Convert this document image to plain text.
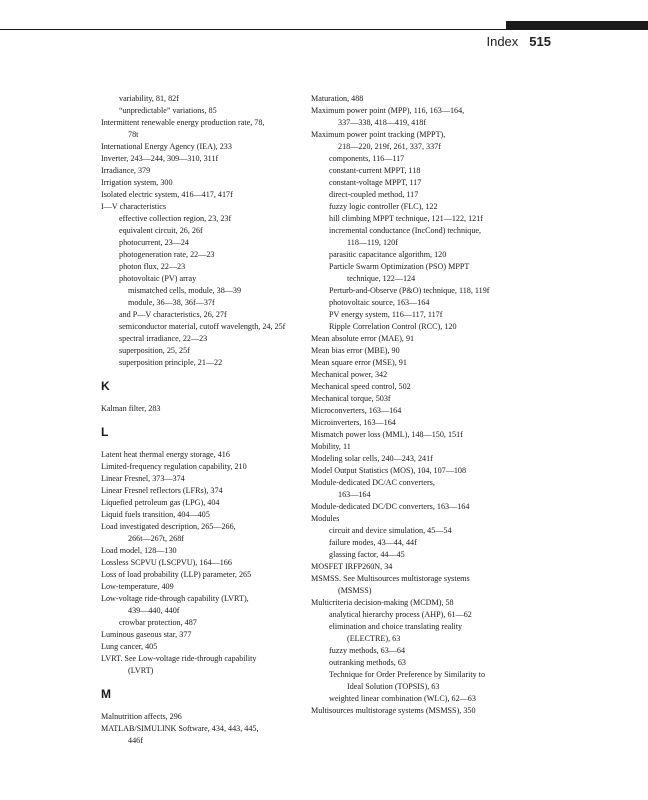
Index 515
variability, 81, 82f
“unpredictable” variations, 85
Intermittent renewable energy production rate, 78,
78t
International Energy Agency (IEA), 233
Inverter, 243—244, 309—310, 311f
Irradiance, 379
Irrigation system, 300
Isolated electric system, 416—417, 417f
I—V characteristics
effective collection region, 23, 23f
equivalent circuit, 26, 26f
photocurrent, 23—24
photogeneration rate, 22—23
photon flux, 22—23
photovoltaic (PV) array
mismatched cells, module, 38—39
module, 36—38, 36f—37f
and P—V characteristics, 26, 27f
semiconductor material, cutoff wavelength, 24, 25f
spectral irradiance, 22—23
superposition, 25, 25f
superposition principle, 21—22
K
Kalman filter, 283
L
Latent heat thermal energy storage, 416
Limited-frequency regulation capability, 210
Linear Fresnel, 373—374
Linear Fresnel reflectors (LFRs), 374
Liquefied petroleum gas (LPG), 404
Liquid fuels transition, 404—405
Load investigated description, 265—266,
266t—267t, 268f
Load model, 128—130
Lossless SCPVU (LSCPVU), 164—166
Loss of load probability (LLP) parameter, 265
Low-temperature, 409
Low-voltage ride-through capability (LVRT),
439—440, 440f
crowbar protection, 487
Luminous gaseous star, 377
Lung cancer, 405
LVRT. See Low-voltage ride-through capability
(LVRT)
M
Malnutrition affects, 296
MATLAB/SIMULINK Software, 434, 443, 445,
446f
Maturation, 488
Maximum power point (MPP), 116, 163—164,
337—338, 418—419, 418f
Maximum power point tracking (MPPT),
218—220, 219f, 261, 337, 337f
components, 116—117
constant-current MPPT, 118
constant-voltage MPPT, 117
direct-coupled method, 117
fuzzy logic controller (FLC), 122
hill climbing MPPT technique, 121—122, 121f
incremental conductance (IncCond) technique,
118—119, 120f
parasitic capacitance algorithm, 120
Particle Swarm Optimization (PSO) MPPT
technique, 122—124
Perturb-and-Observe (P&O) technique, 118, 119f
photovoltaic source, 163—164
PV energy system, 116—117, 117f
Ripple Correlation Control (RCC), 120
Mean absolute error (MAE), 91
Mean bias error (MBE), 90
Mean square error (MSE), 91
Mechanical power, 342
Mechanical speed control, 502
Mechanical torque, 503f
Microconverters, 163—164
Microinverters, 163—164
Mismatch power loss (MML), 148—150, 151f
Mobility, 11
Modeling solar cells, 240—243, 241f
Model Output Statistics (MOS), 104, 107—108
Module-dedicated DC/AC converters,
163—164
Module-dedicated DC/DC converters, 163—164
Modules
circuit and device simulation, 45—54
failure modes, 43—44, 44f
glassing factor, 44—45
MOSFET IRFP260N, 34
MSMSS. See Multisources multistorage systems
(MSMSS)
Multicriteria decision-making (MCDM), 58
analytical hierarchy process (AHP), 61—62
elimination and choice translating reality
(ELECTRE), 63
fuzzy methods, 63—64
outranking methods, 63
Technique for Order Preference by Similarity to
Ideal Solution (TOPSIS), 63
weighted linear combination (WLC), 62—63
Multisources multistorage systems (MSMSS), 350
